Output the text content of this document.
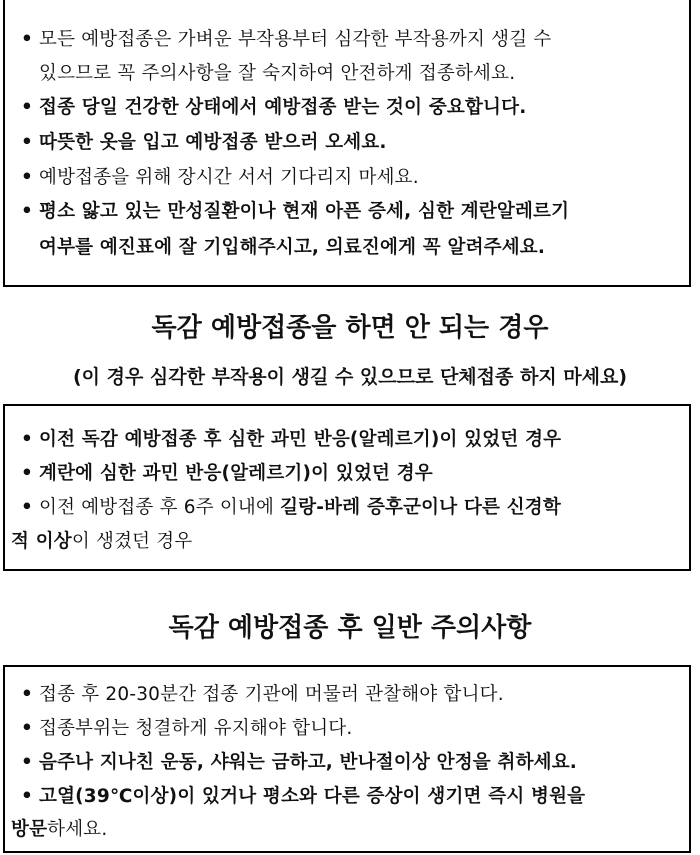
• 모든 예방접종은 가벼운 부작용부터 심각한 부작용까지 생길 수
있으므로 꼭 주의사항을 잘 숙지하여 안전하게 접종하세요.
• 접종 당일 건강한 상태에서 예방접종 받는 것이 중요합니다.
• 따뜻한 옷을 입고 예방접종 받으러 오세요.
• 예방접종을 위해 장시간 서서 기다리지 마세요.
• 평소 앓고 있는 만성질환이나 현재 아픈 증세, 심한 계란알레르기
여부를 예진표에 잘 기입해주시고, 의료진에게 꼭 알려주세요.
독감 예방접종을 하면 안 되는 경우
(이 경우 심각한 부작용이 생길 수 있으므로 단체접종 하지 마세요)
• 이전 독감 예방접종 후 심한 과민 반응(알레르기)이 있었던 경우
• 계란에 심한 과민 반응(알레르기)이 있었던 경우
• 이전 예방접종 후 6주 이내에 길랑-바레 증후군이나 다른 신경학
적 이상이 생겼던 경우
독감 예방접종 후 일반 주의사항
• 접종 후 20-30분간 접종 기관에 머물러 관찰해야 합니다.
• 접종부위는 청결하게 유지해야 합니다.
• 음주나 지나친 운동, 샤워는 금하고, 반나절이상 안정을 취하세요.
• 고열(39℃이상)이 있거나 평소와 다른 증상이 생기면 즉시 병원을
방문하세요.
